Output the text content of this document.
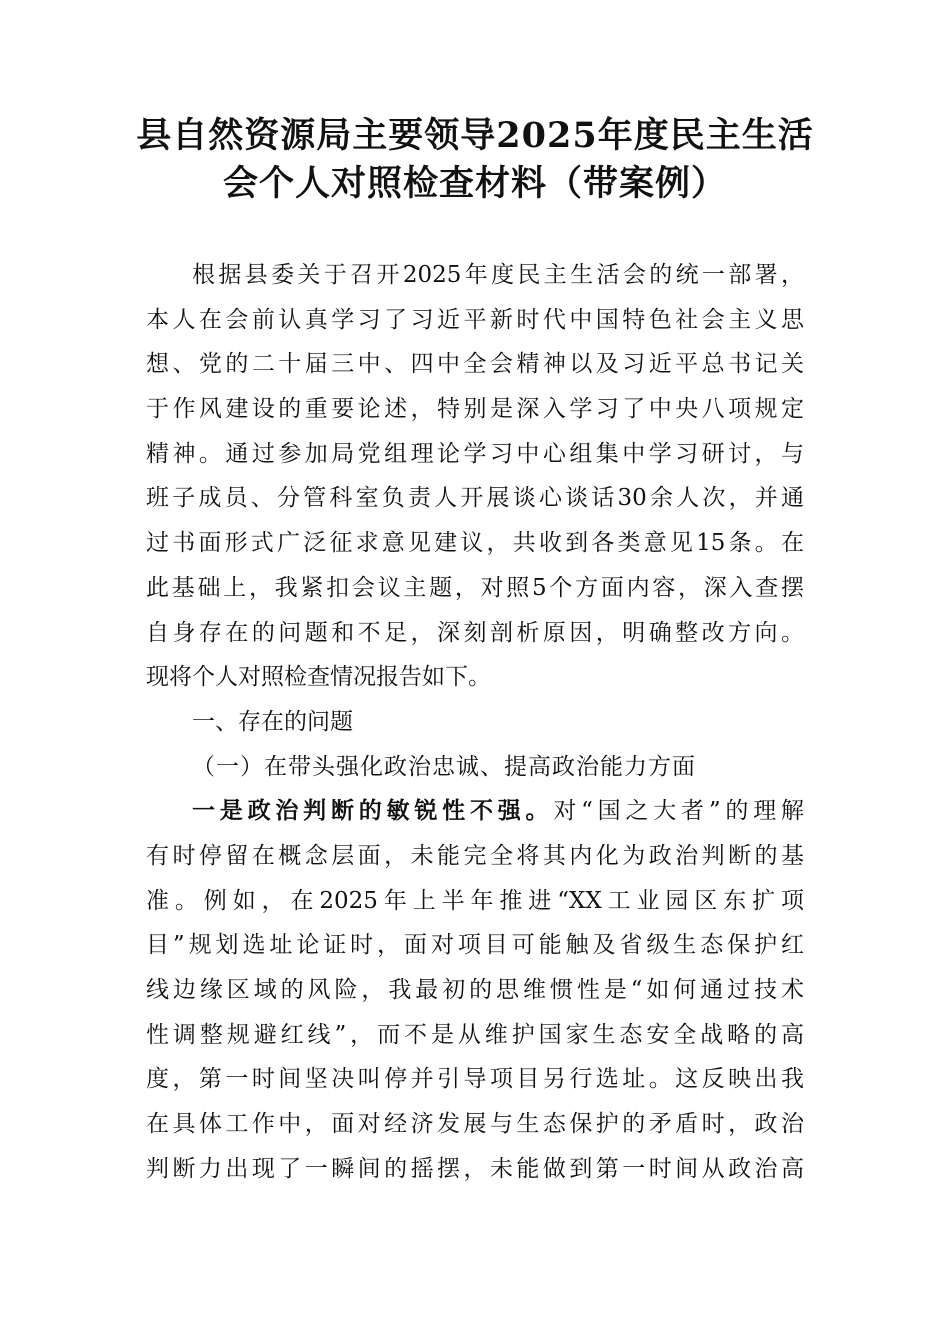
县自然资源局主要领导2025年度民主生活
会个人对照检查材料（带案例）
根据县委关于召开2025年度民主生活会的统一部署，
本人在会前认真学习了习近平新时代中国特色社会主义思
想、党的二十届三中、四中全会精神以及习近平总书记关
于作风建设的重要论述，特别是深入学习了中央八项规定
精神。通过参加局党组理论学习中心组集中学习研讨，与
班子成员、分管科室负责人开展谈心谈话30余人次，并通
过书面形式广泛征求意见建议，共收到各类意见15条。在
此基础上，我紧扣会议主题，对照5个方面内容，深入查摆
自身存在的问题和不足，深刻剖析原因，明确整改方向。
现将个人对照检查情况报告如下。
一、存在的问题
（一）在带头强化政治忠诚、提高政治能力方面
一是政治判断的敏锐性不强。对“国之大者”的理解
有时停留在概念层面，未能完全将其内化为政治判断的基
准。例如，在2025年上半年推进“XX工业园区东扩项
目”规划选址论证时，面对项目可能触及省级生态保护红
线边缘区域的风险，我最初的思维惯性是“如何通过技术
性调整规避红线”，而不是从维护国家生态安全战略的高
度，第一时间坚决叫停并引导项目另行选址。这反映出我
在具体工作中，面对经济发展与生态保护的矛盾时，政治
判断力出现了一瞬间的摇摆，未能做到第一时间从政治高
